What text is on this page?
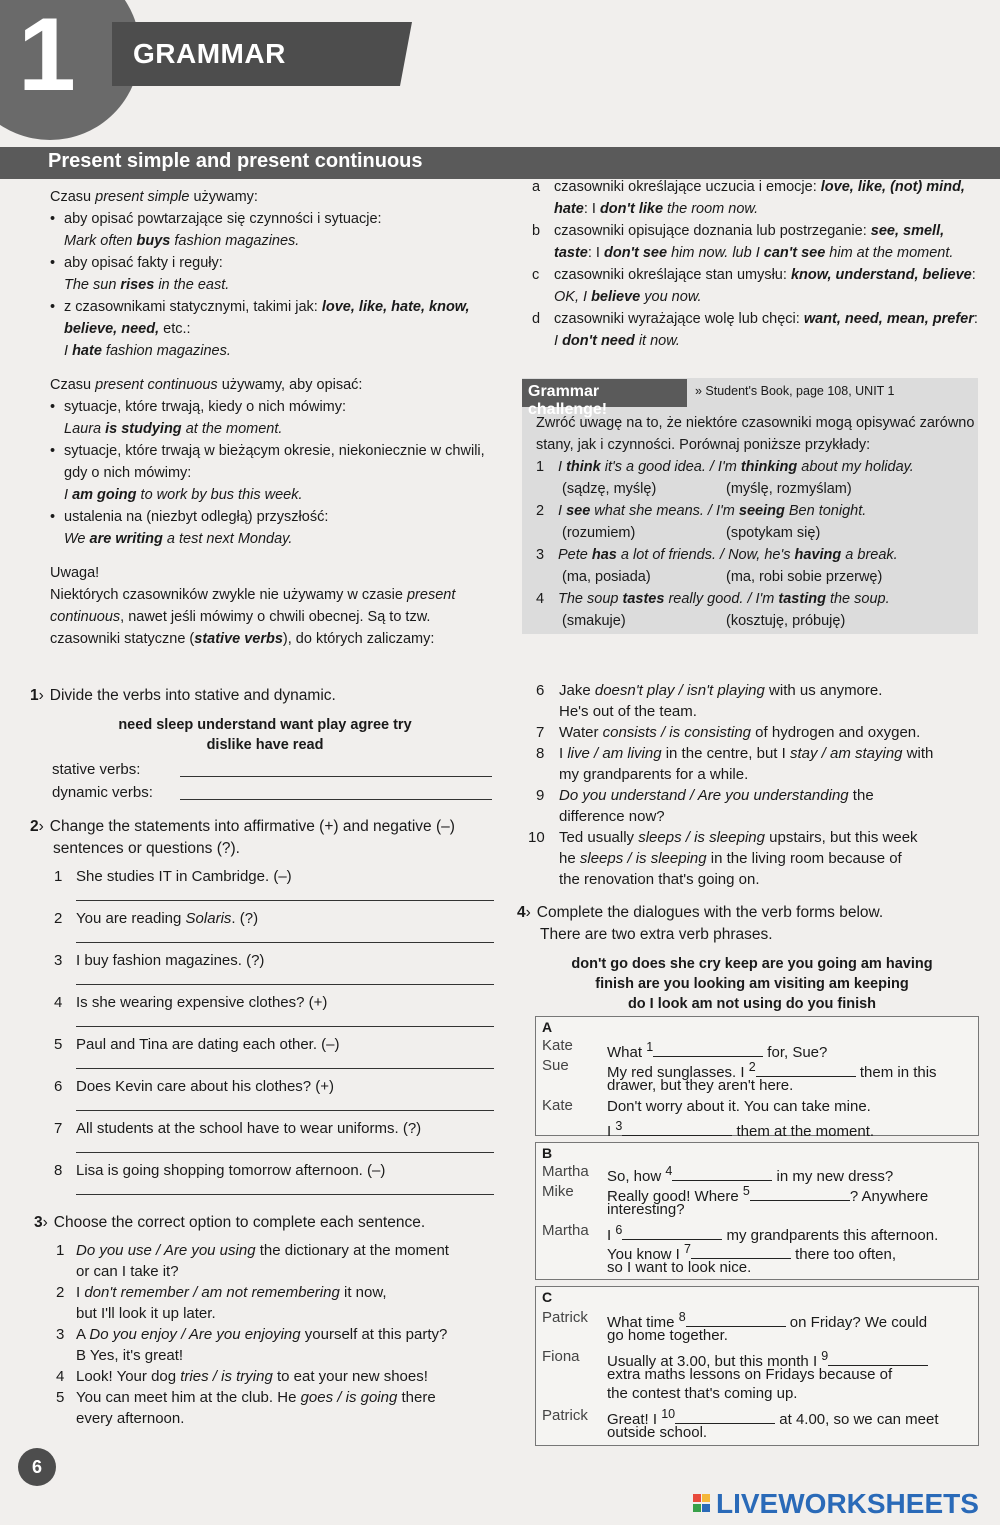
1 GRAMMAR
Present simple and present continuous
Czasu present simple używamy:
• aby opisać powtarzające się czynności i sytuacje:
Mark often buys fashion magazines.
• aby opisać fakty i reguły:
The sun rises in the east.
• z czasownikami statycznymi, takimi jak: love, like, hate, know,
believe, need, etc.:
I hate fashion magazines.
Czasu present continuous używamy, aby opisać:
• sytuacje, które trwają, kiedy o nich mówimy:
Laura is studying at the moment.
• sytuacje, które trwają w bieżącym okresie, niekoniecznie w chwili,
gdy o nich mówimy:
I am going to work by bus this week.
• ustalenia na (niezbyt odległą) przyszłość:
We are writing a test next Monday.
Uwaga!
Niektórych czasowników zwykle nie używamy w czasie present
continuous, nawet jeśli mówimy o chwili obecnej. Są to tzw.
czasowniki statyczne (stative verbs), do których zaliczamy:
a czasowniki określające uczucia i emocje: love, like, (not) mind,
hate: I don't like the room now.
b czasowniki opisujące doznania lub postrzeganie: see, smell,
taste: I don't see him now. lub I can't see him at the moment.
c czasowniki określające stan umysłu: know, understand, believe:
OK, I believe you now.
d czasowniki wyrażające wolę lub chęci: want, need, mean, prefer:
I don't need it now.
Grammar challenge!
» Student's Book, page 108, UNIT 1
Zwróć uwagę na to, że niektóre czasowniki mogą opisywać zarówno
stany, jak i czynności. Porównaj poniższe przykłady:
1 I think it's a good idea. / I'm thinking about my holiday.
(sądzę, myślę)	(myślę, rozmyślam)
2 I see what she means. / I'm seeing Ben tonight.
(rozumiem)	(spotykam się)
3 Pete has a lot of friends. / Now, he's having a break.
(ma, posiada)	(ma, robi sobie przerwę)
4 The soup tastes really good. / I'm tasting the soup.
(smakuje)	(kosztuję, próbuję)
1› Divide the verbs into stative and dynamic.
need sleep understand want play agree try
dislike have read
stative verbs:
dynamic verbs:
2› Change the statements into affirmative (+) and negative (–)
sentences or questions (?).
1 She studies IT in Cambridge. (–)
2 You are reading Solaris. (?)
3 I buy fashion magazines. (?)
4 Is she wearing expensive clothes? (+)
5 Paul and Tina are dating each other. (–)
6 Does Kevin care about his clothes? (+)
7 All students at the school have to wear uniforms. (?)
8 Lisa is going shopping tomorrow afternoon. (–)
3› Choose the correct option to complete each sentence.
1 Do you use / Are you using the dictionary at the moment
or can I take it?
2 I don't remember / am not remembering it now,
but I'll look it up later.
3 A Do you enjoy / Are you enjoying yourself at this party?
B Yes, it's great!
4 Look! Your dog tries / is trying to eat your new shoes!
5 You can meet him at the club. He goes / is going there
every afternoon.
6 Jake doesn't play / isn't playing with us anymore.
He's out of the team.
7 Water consists / is consisting of hydrogen and oxygen.
8 I live / am living in the centre, but I stay / am staying with
my grandparents for a while.
9 Do you understand / Are you understanding the
difference now?
10 Ted usually sleeps / is sleeping upstairs, but this week
he sleeps / is sleeping in the living room because of
the renovation that's going on.
4› Complete the dialogues with the verb forms below.
There are two extra verb phrases.
don't go does she cry keep are you going am having
finish are you looking am visiting am keeping
do I look am not using do you finish
A
Kate What $^1$	for, Sue?
Sue	My red sunglasses. I $^2$	them in this
drawer, but they aren't here.
Kate Don't worry about it. You can take mine.
I $^3$	them at the moment.
B
Martha So, how $^4$	in my new dress?
Mike Really good! Where $^5$	? Anywhere
interesting?
Martha I $^6$	my grandparents this afternoon.
You know I $^7$	there too often,
so I want to look nice.
C
Patrick What time $^8$	on Friday? We could
go home together.
Fiona Usually at 3.00, but this month I $^9$
extra maths lessons on Fridays because of
the contest that's coming up.
Patrick Great! I $^{10}$	at 4.00, so we can meet
outside school.
6
LIVEWORKSHEETS
